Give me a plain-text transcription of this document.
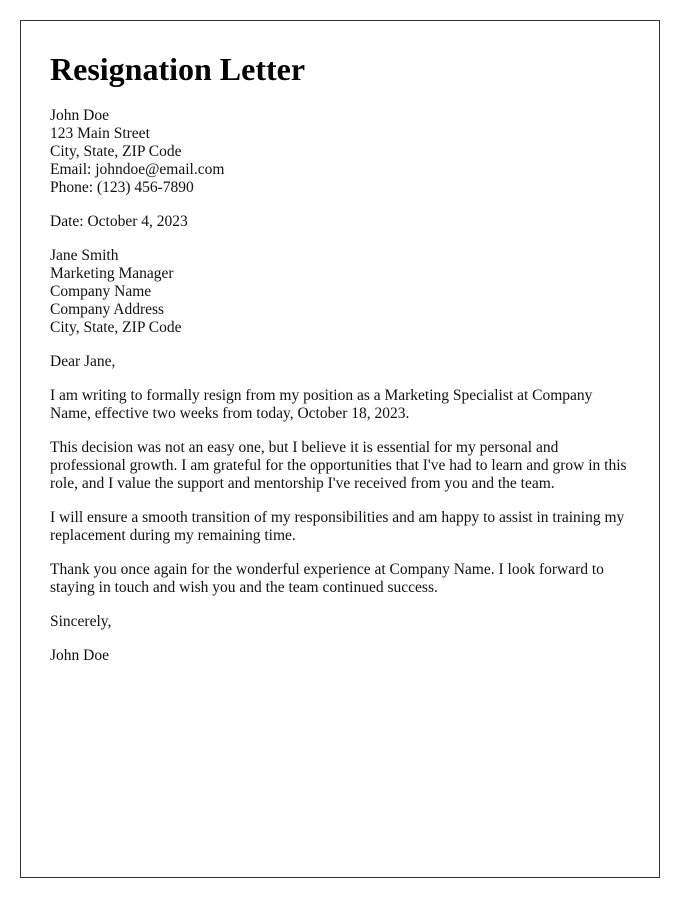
Resignation Letter
John Doe
123 Main Street
City, State, ZIP Code
Email: johndoe@email.com
Phone: (123) 456-7890
Date: October 4, 2023
Jane Smith
Marketing Manager
Company Name
Company Address
City, State, ZIP Code

Dear Jane,

I am writing to formally resign from my position as a Marketing Specialist at Company Name, effective two weeks from today, October 18, 2023.

This decision was not an easy one, but I believe it is essential for my personal and professional growth. I am grateful for the opportunities that I've had to learn and grow in this role, and I value the support and mentorship I've received from you and the team.

I will ensure a smooth transition of my responsibilities and am happy to assist in training my replacement during my remaining time.

Thank you once again for the wonderful experience at Company Name. I look forward to staying in touch and wish you and the team continued success.

Sincerely,

John Doe
